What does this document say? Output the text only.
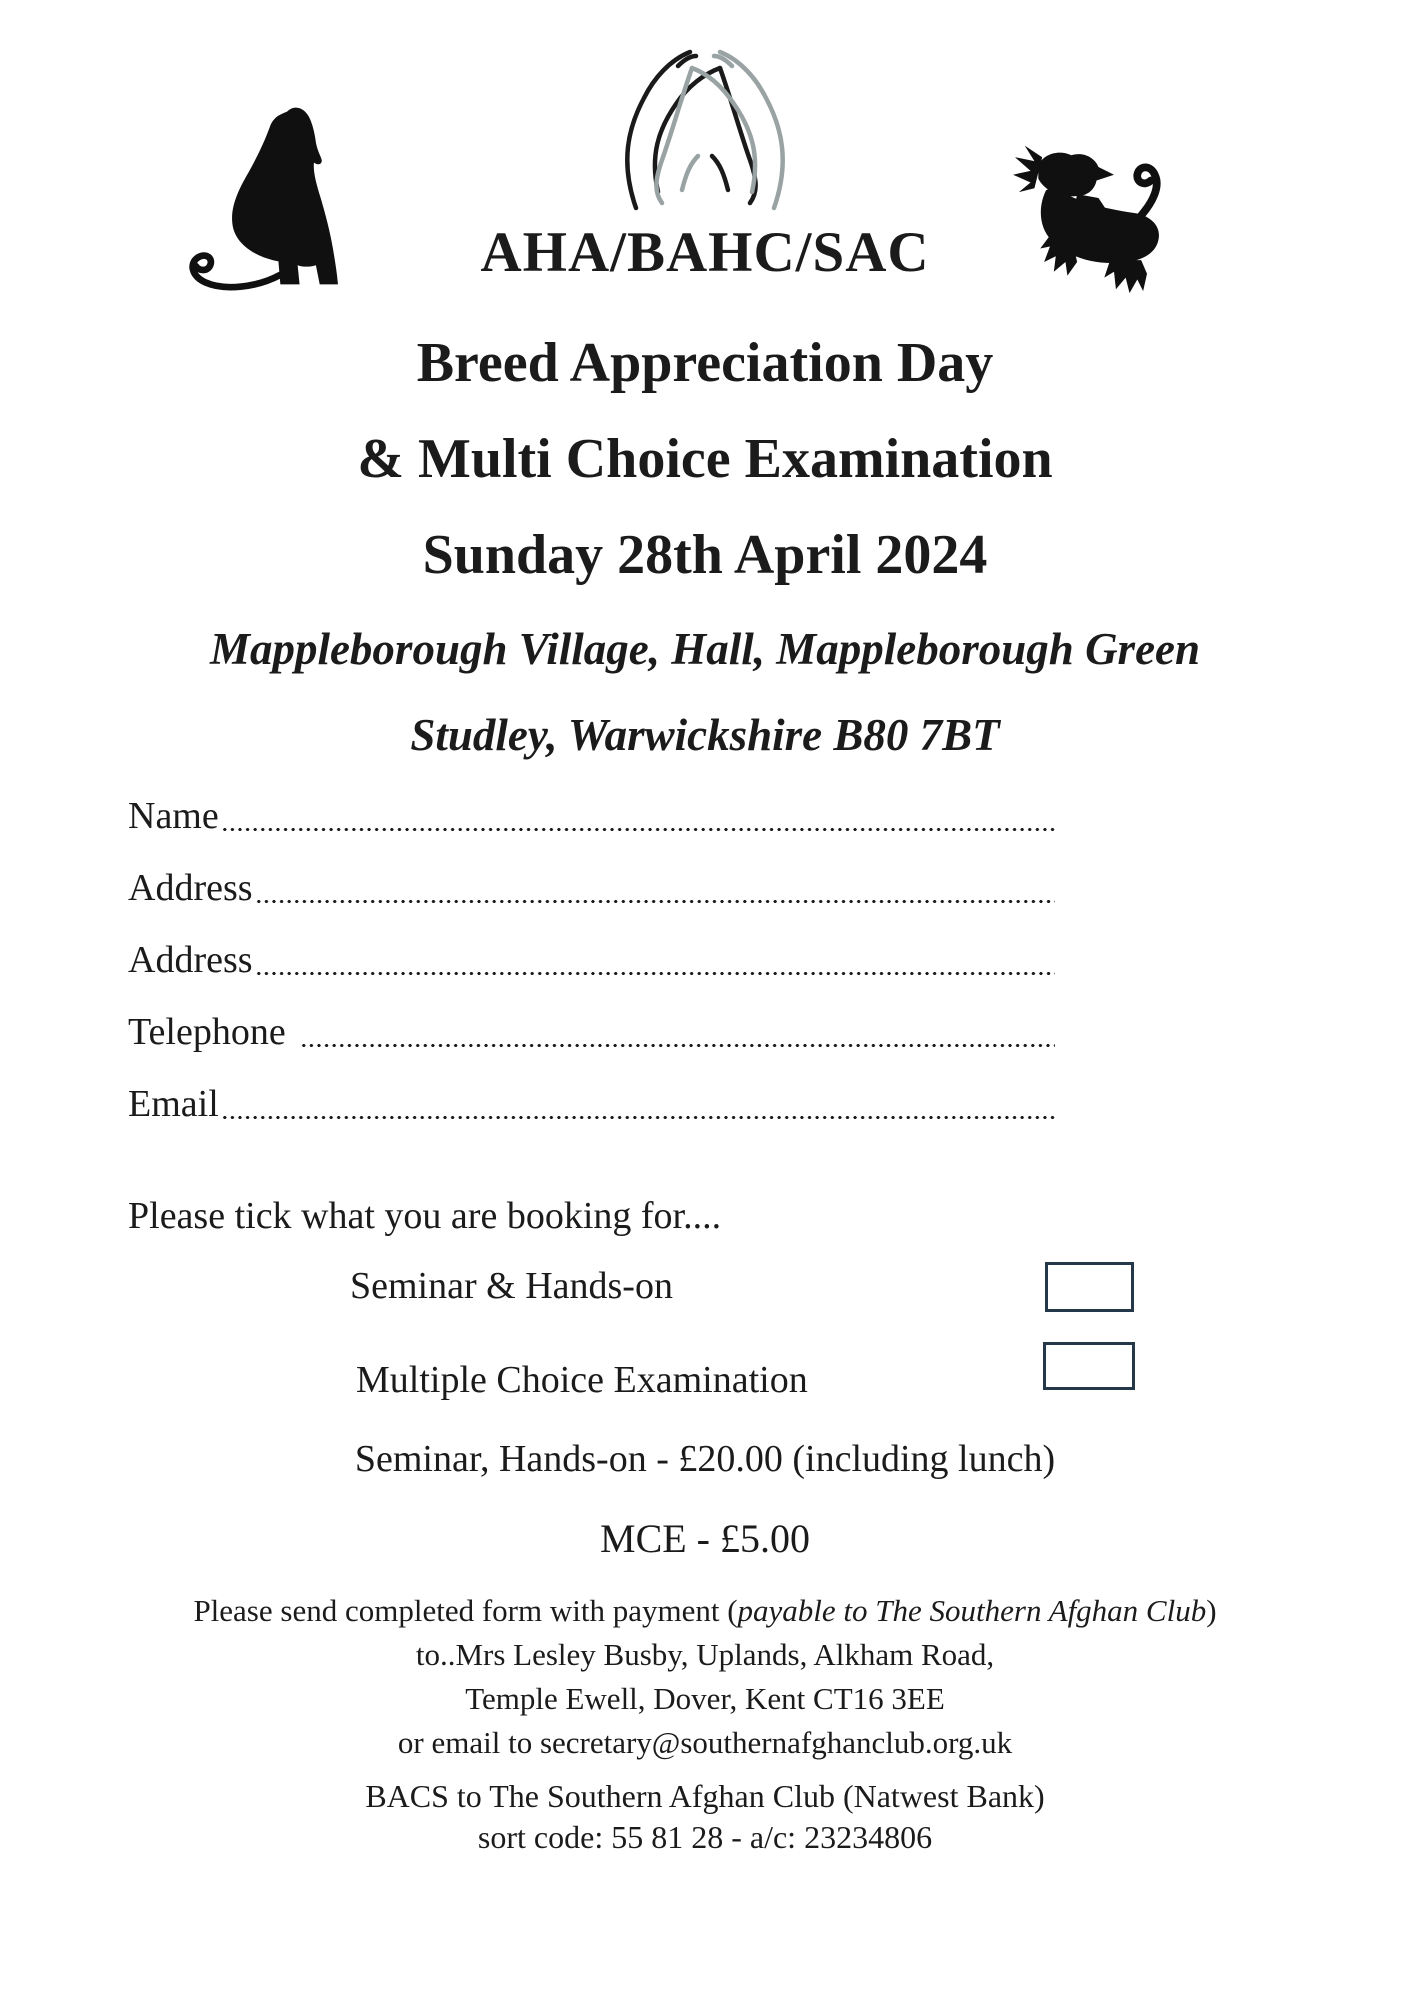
AHA/BAHC/SAC
Breed Appreciation Day
& Multi Choice Examination
Sunday 28th April 2024
Mappleborough Village, Hall, Mappleborough Green
Studley, Warwickshire B80 7BT
Name
Address
Address
Telephone
Email
Please tick what you are booking for....
Seminar & Hands-on
Multiple Choice Examination
Seminar, Hands-on - £20.00 (including lunch)
MCE - £5.00
Please send completed form with payment (payable to The Southern Afghan Club)
to..Mrs Lesley Busby, Uplands, Alkham Road,
Temple Ewell, Dover, Kent CT16 3EE
or email to secretary@southernafghanclub.org.uk
BACS to The Southern Afghan Club (Natwest Bank)
sort code: 55 81 28 - a/c: 23234806
